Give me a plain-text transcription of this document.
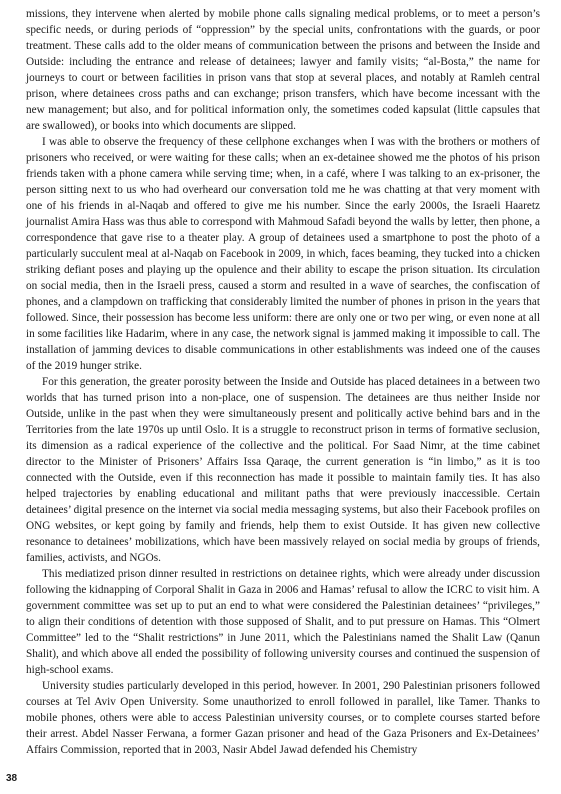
missions, they intervene when alerted by mobile phone calls signaling medical problems, or to meet a person’s specific needs, or during periods of “oppression” by the special units, confrontations with the guards, or poor treatment. These calls add to the older means of communication between the prisons and between the Inside and Outside: including the entrance and release of detainees; lawyer and family visits; “al-Bosta,” the name for journeys to court or between facilities in prison vans that stop at several places, and notably at Ramleh central prison, where detainees cross paths and can exchange; prison transfers, which have become incessant with the new management; but also, and for political information only, the sometimes coded kapsulat (little capsules that are swallowed), or books into which documents are slipped.

I was able to observe the frequency of these cellphone exchanges when I was with the brothers or mothers of prisoners who received, or were waiting for these calls; when an ex-detainee showed me the photos of his prison friends taken with a phone camera while serving time; when, in a café, where I was talking to an ex-prisoner, the person sitting next to us who had overheard our conversation told me he was chatting at that very moment with one of his friends in al-Naqab and offered to give me his number. Since the early 2000s, the Israeli Haaretz journalist Amira Hass was thus able to correspond with Mahmoud Safadi beyond the walls by letter, then phone, a correspondence that gave rise to a theater play. A group of detainees used a smartphone to post the photo of a particularly succulent meal at al-Naqab on Facebook in 2009, in which, faces beaming, they tucked into a chicken striking defiant poses and playing up the opulence and their ability to escape the prison situation. Its circulation on social media, then in the Israeli press, caused a storm and resulted in a wave of searches, the confiscation of phones, and a clampdown on trafficking that considerably limited the number of phones in prison in the years that followed. Since, their possession has become less uniform: there are only one or two per wing, or even none at all in some facilities like Hadarim, where in any case, the network signal is jammed making it impossible to call. The installation of jamming devices to disable communications in other establishments was indeed one of the causes of the 2019 hunger strike.

For this generation, the greater porosity between the Inside and Outside has placed detainees in a between two worlds that has turned prison into a non-place, one of suspension. The detainees are thus neither Inside nor Outside, unlike in the past when they were simultaneously present and politically active behind bars and in the Territories from the late 1970s up until Oslo. It is a struggle to reconstruct prison in terms of formative seclusion, its dimension as a radical experience of the collective and the political. For Saad Nimr, at the time cabinet director to the Minister of Prisoners’ Affairs Issa Qaraqe, the current generation is “in limbo,” as it is too connected with the Outside, even if this reconnection has made it possible to maintain family ties. It has also helped trajectories by enabling educational and militant paths that were previously inaccessible. Certain detainees’ digital presence on the internet via social media messaging systems, but also their Facebook profiles on ONG websites, or kept going by family and friends, help them to exist Outside. It has given new collective resonance to detainees’ mobilizations, which have been massively relayed on social media by groups of friends, families, activists, and NGOs.

This mediatized prison dinner resulted in restrictions on detainee rights, which were already under discussion following the kidnapping of Corporal Shalit in Gaza in 2006 and Hamas’ refusal to allow the ICRC to visit him. A government committee was set up to put an end to what were considered the Palestinian detainees’ “privileges,” to align their conditions of detention with those supposed of Shalit, and to put pressure on Hamas. This “Olmert Committee” led to the “Shalit restrictions” in June 2011, which the Palestinians named the Shalit Law (Qanun Shalit), and which above all ended the possibility of following university courses and continued the suspension of high-school exams.

University studies particularly developed in this period, however. In 2001, 290 Palestinian prisoners followed courses at Tel Aviv Open University. Some unauthorized to enroll followed in parallel, like Tamer. Thanks to mobile phones, others were able to access Palestinian university courses, or to complete courses started before their arrest. Abdel Nasser Ferwana, a former Gazan prisoner and head of the Gaza Prisoners and Ex-Detainees’ Affairs Commission, reported that in 2003, Nasir Abdel Jawad defended his Chemistry

38
